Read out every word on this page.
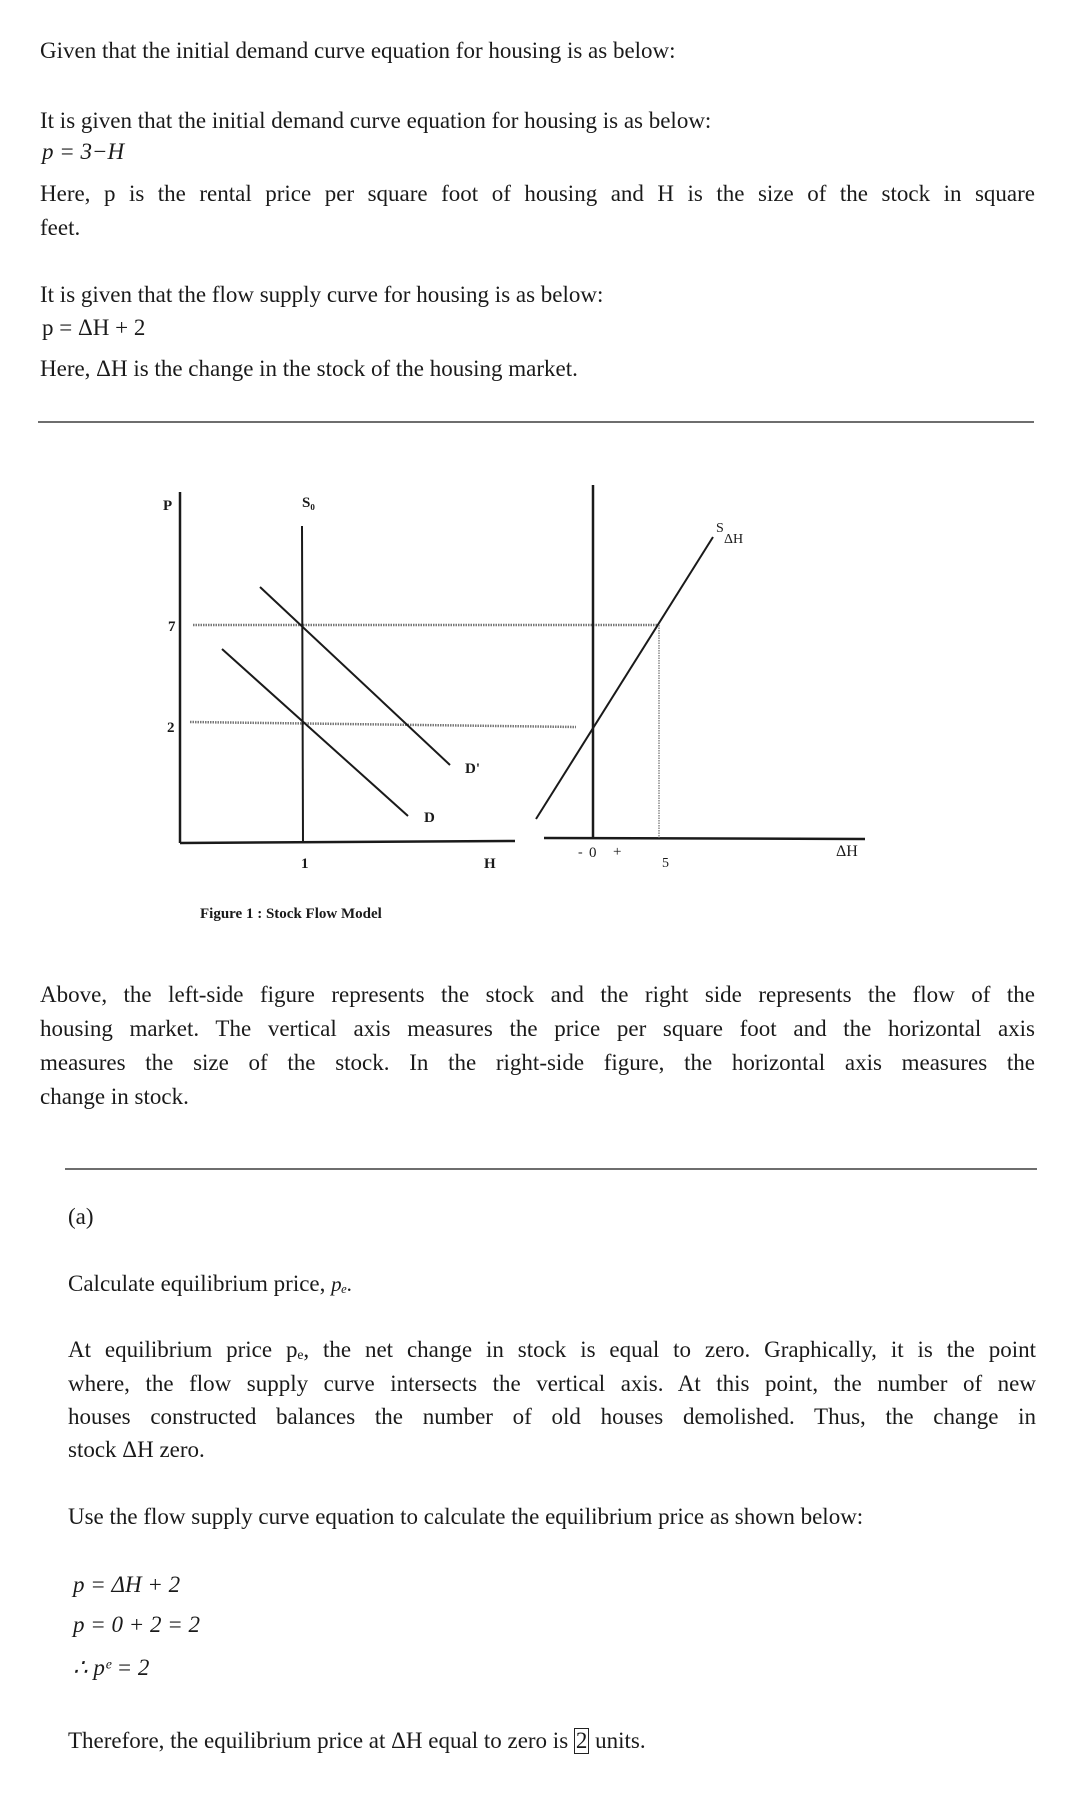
Given that the initial demand curve equation for housing is as below:
It is given that the initial demand curve equation for housing is as below:
p = 3−H
Here, p is the rental price per square foot of housing and H is the size of the stock in square
feet.
It is given that the flow supply curve for housing is as below:
p = ΔH + 2
Here, ΔH is the change in the stock of the housing market.
P
7
2
S₀
D'
D
1	H
- 0 +
5
ΔH
S
ΔH
Figure 1 : Stock Flow Model
Above, the left-side figure represents the stock and the right side represents the flow of the
housing market. The vertical axis measures the price per square foot and the horizontal axis
measures the size of the stock. In the right-side figure, the horizontal axis measures the
change in stock.
(a)
Calculate equilibrium price, pₑ.
At equilibrium price pₑ, the net change in stock is equal to zero. Graphically, it is the point
where, the flow supply curve intersects the vertical axis. At this point, the number of new
houses constructed balances the number of old houses demolished. Thus, the change in
stock ΔH zero.
Use the flow supply curve equation to calculate the equilibrium price as shown below:
p = ΔH + 2
p = 0 + 2 = 2
∴ pᵉ = 2
Therefore, the equilibrium price at ΔH equal to zero is 2 units.
